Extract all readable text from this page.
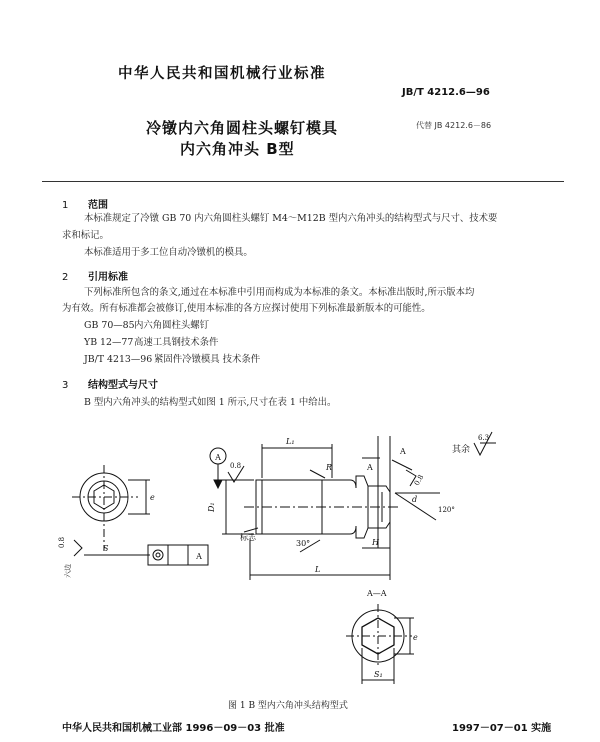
中华人民共和国机械行业标准
JB/T 4212.6—96
冷镦内六角圆柱头螺钉模具
内六角冲头 B型
代替 JB 4212.6－86
1 范围
本标准规定了冷镦 GB 70 内六角圆柱头螺钉 M4～M12B 型内六角冲头的结构型式与尺寸、技术要
求和标记。
本标准适用于多工位自动冷镦机的模具。
2 引用标准
下列标准所包含的条文,通过在本标准中引用而构成为本标准的条文。本标准出版时,所示版本均
为有效。所有标准都会被修订,使用本标准的各方应探讨使用下列标准最新版本的可能性。
GB 70—85内六角圆柱头螺钉
YB 12—77高速工具钢技术条件
JB/T 4213—96 紧固件冷镦模具 技术条件
3 结构型式与尺寸
B 型内六角冲头的结构型式如图 1 所示,尺寸在表 1 中给出。
其余
6.3
e
0.8
六边
S
A
A
0.8
L₁
L
R
D₁
H
d
30°
120°
标志
A
A
0.8
A—A
e
S₁
图 1 B 型内六角冲头结构型式
中华人民共和国机械工业部 1996－09－03 批准	1997－07－01 实施
